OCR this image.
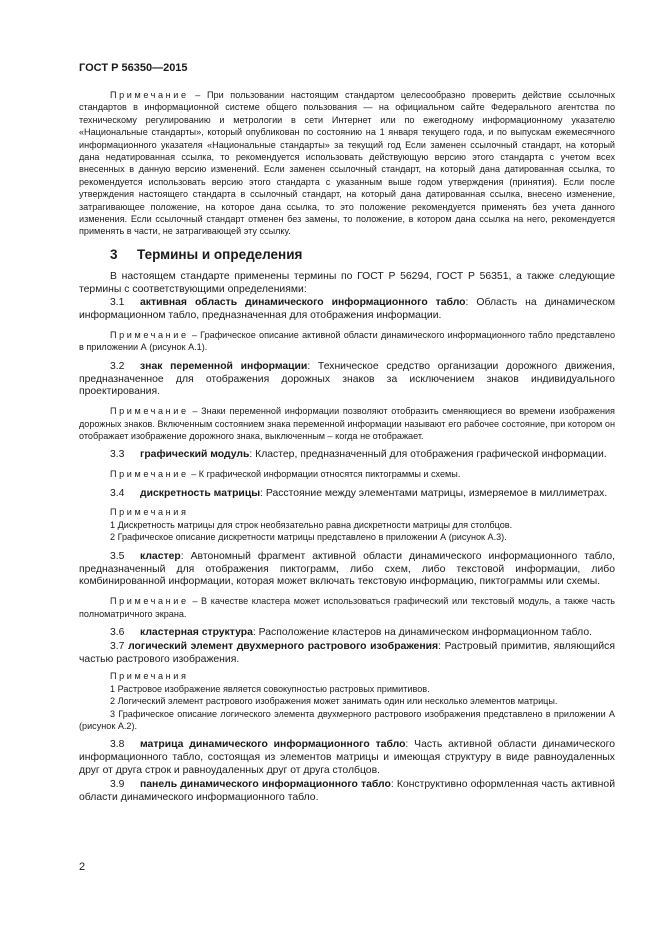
ГОСТ Р 56350—2015

Примечание – При пользовании настоящим стандартом целесообразно проверить действие ссылочных стандартов в информационной системе общего пользования — на официальном сайте Федерального агентства по техническому регулированию и метрологии в сети Интернет или по ежегодному информационному указателю «Национальные стандарты», который опубликован по состоянию на 1 января текущего года, и по выпускам ежемесячного информационного указателя «Национальные стандарты» за текущий год Если заменен ссылочный стандарт, на который дана недатированная ссылка, то рекомендуется использовать действующую версию этого стандарта с учетом всех внесенных в данную версию изменений. Если заменен ссылочный стандарт, на который дана датированная ссылка, то рекомендуется использовать версию этого стандарта с указанным выше годом утверждения (принятия). Если после утверждения настоящего стандарта в ссылочный стандарт, на который дана датированная ссылка, внесено изменение, затрагивающее положение, на которое дана ссылка, то это положение рекомендуется применять без учета данного изменения. Если ссылочный стандарт отменен без замены, то положение, в котором дана ссылка на него, рекомендуется применять в части, не затрагивающей эту ссылку.

3 Термины и определения

В настоящем стандарте применены термины по ГОСТ Р 56294, ГОСТ Р 56351, а также следующие термины с соответствующими определениями:

3.1 активная область динамического информационного табло: Область на динамическом информационном табло, предназначенная для отображения информации.

Примечание – Графическое описание активной области динамического информационного табло представлено в приложении А (рисунок А.1).

3.2 знак переменной информации: Техническое средство организации дорожного движения, предназначенное для отображения дорожных знаков за исключением знаков индивидуального проектирования.

Примечание – Знаки переменной информации позволяют отобразить сменяющиеся во времени изображения дорожных знаков. Включенным состоянием знака переменной информации называют его рабочее состояние, при котором он отображает изображение дорожного знака, выключенным – когда не отображает.

3.3 графический модуль: Кластер, предназначенный для отображения графической информации.

Примечание – К графической информации относятся пиктограммы и схемы.

3.4 дискретность матрицы: Расстояние между элементами матрицы, измеряемое в миллиметрах.

Примечания

1 Дискретность матрицы для строк необязательно равна дискретности матрицы для столбцов.

2 Графическое описание дискретности матрицы представлено в приложении А (рисунок А.3).

3.5 кластер: Автономный фрагмент активной области динамического информационного табло, предназначенный для отображения пиктограмм, либо схем, либо текстовой информации, либо комбинированной информации, которая может включать текстовую информацию, пиктограммы или схемы.

Примечание – В качестве кластера может использоваться графический или текстовый модуль, а также часть полноматричного экрана.

3.6 кластерная структура: Расположение кластеров на динамическом информационном табло.

3.7 логический элемент двухмерного растрового изображения: Растровый примитив, являющийся частью растрового изображения.

Примечания

1 Растровое изображение является совокупностью растровых примитивов.

2 Логический элемент растрового изображения может занимать один или несколько элементов матрицы.

3 Графическое описание логического элемента двухмерного растрового изображения представлено в приложении А (рисунок А.2).

3.8 матрица динамического информационного табло: Часть активной области динамического информационного табло, состоящая из элементов матрицы и имеющая структуру в виде равноудаленных друг от друга строк и равноудаленных друг от друга столбцов.

3.9 панель динамического информационного табло: Конструктивно оформленная часть активной области динамического информационного табло.

2
